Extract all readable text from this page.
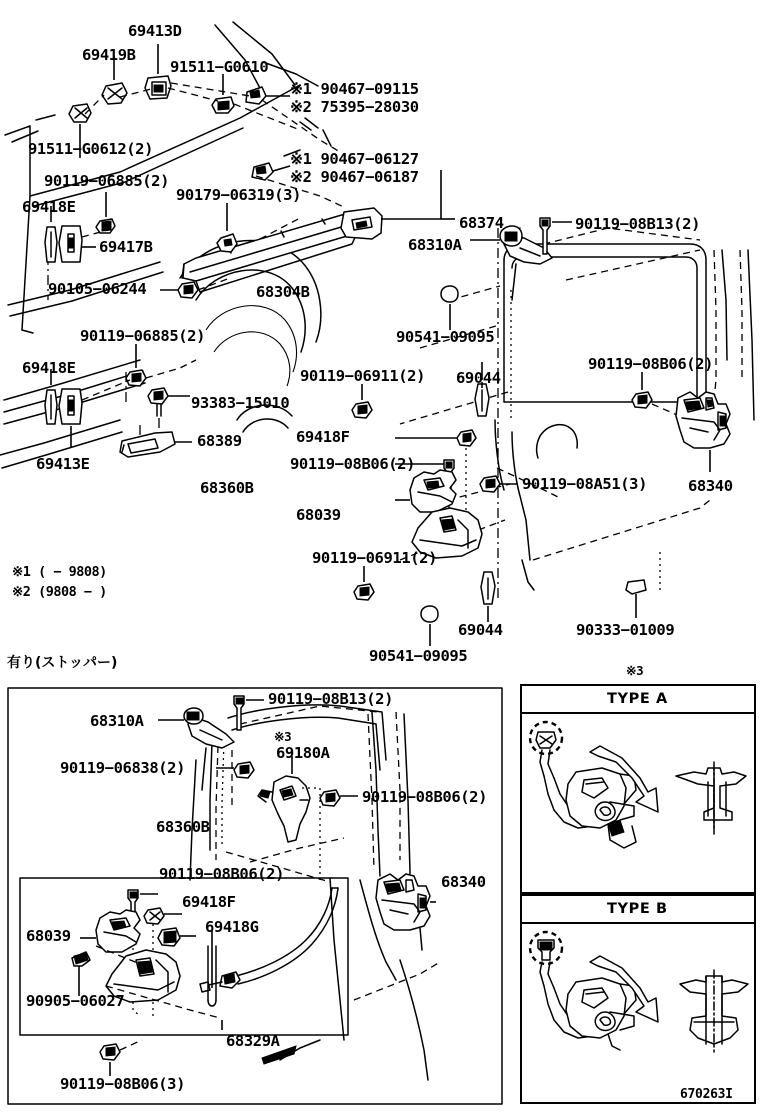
69413D
69419B
91511−G0610
※1 90467−09115
※2 75395−28030
91511−G0612(2)
※1 90467−06127
※2 90467−06187
90119−06885(2)
90179−06319(3)
68374
69418E
69417B
90105−06244	68304B
68310A
90119−08B13(2)
90541−09095
90119−08B06(2)
90119−06885(2)
69418E
93383−15010
90119−06911(2) 69044
68389
69413E
69418F
90119−08B06(2)
68360B
68039
90119−08A51(3)	68340
90119−06911(2)
69044	90333−01009
90541−09095
※1 ( − 9808)
※2 (9808 − )
有り(ストッパー)
90119−08B13(2)
68310A
※3
69180A
90119−06838(2)
90119−08B06(2)
68360B
68340
90119−08B06(2)
69418F
69418G
68039
90905−06027
68329A
90119−08B06(3)
※3
TYPE A
TYPE B
670263I
